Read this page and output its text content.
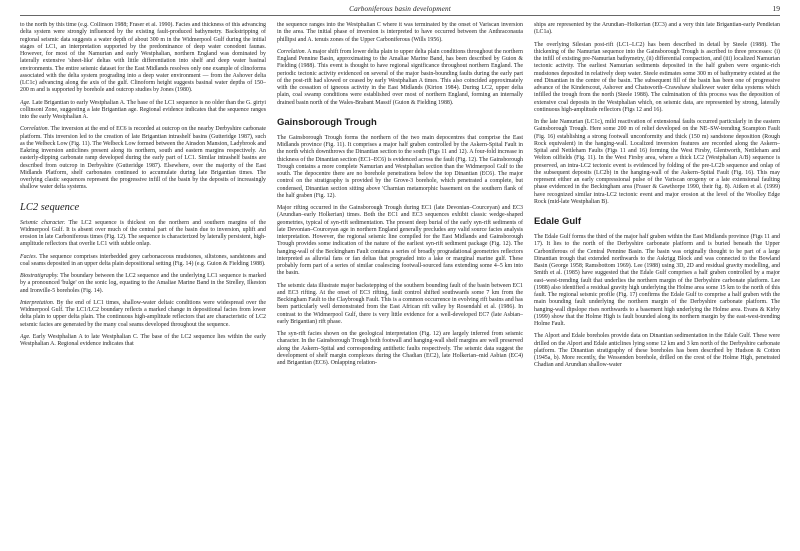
Carboniferous basin development	19

to the north by this time (e.g. Collinson 1988; Fraser et al. 1990). Facies and thickness of this advancing delta system were strongly influenced by the existing fault-produced bathymetry. Backstripping of regional seismic data suggests a water depth of about 300 m in the Widmerpool Gulf during the initial stages of LC1, an interpretation supported by the predominance of deep water conodont faunas. However, for most of the Namurian and early Westphalian, northern England was dominated by laterally extensive 'sheet-like' deltas with little differentiation into shelf and deep water basinal environments. The entire seismic dataset for the East Midlands resolves only one example of clinoforms associated with the delta system prograding into a deep water environment — from the Ashover delta (LC1c) advancing along the axis of the gulf. Clinoform height suggests basinal water depths of 150–200 m and is supported by borehole and outcrop studies by Jones (1980).

Age. Late Brigantian to early Westphalian A. The base of the LC1 sequence is no older than the G. girtyi collinsoni Zone, suggesting a late Brigantian age. Regional evidence indicates that the sequence ranges into the early Westphalian A.

Correlation. The inversion at the end of EC6 is recorded at outcrop on the nearby Derbyshire carbonate platform. This inversion led to the creation of late Brigantian intrashelf basins (Gutteridge 1987), such as the Welbeck Low (Fig. 11). The Welbeck Low formed between the Ainsdon Mansion, Ladybrook and Eakring inversion anticlines present along its northern, south and eastern margins respectively. An easterly-dipping carbonate ramp developed during the early part of LC1. Similar intrashelf basins are described from outcrop in Derbyshire (Gutteridge 1987). Elsewhere, over the majority of the East Midlands Platform, shelf carbonates continued to accumulate during late Brigantian times. The overlying clastic sequences represent the progressive infill of the basin by the deposits of increasingly shallow water delta systems.

LC2 sequence

Seismic character. The LC2 sequence is thickest on the northern and southern margins of the Widmerpool Gulf. It is absent over much of the central part of the basin due to inversion, uplift and erosion in late Carboniferous times (Fig. 12). The sequence is characterized by laterally persistent, high-amplitude reflectors that overlie LC1 with subtle onlap.

Facies. The sequence comprises interbedded grey carbonaceous mudstones, siltstones, sandstones and coal seams deposited in an upper delta plain depositional setting (Fig. 14) (e.g. Guion & Fielding 1988).

Biostratigraphy. The boundary between the LC2 sequence and the underlying LC1 sequence is marked by a pronounced 'bulge' on the sonic log, equating to the Amaliae Marine Band in the Strelley, Ilkeston and Ironville-5 boreholes (Fig. 14).

Interpretation. By the end of LC1 times, shallow-water deltaic conditions were widespread over the Widmerpool Gulf. The LC1/LC2 boundary reflects a marked change in depositional facies from lower delta plain to upper delta plain. The continuous high-amplitude reflectors that are characteristic of LC2 seismic facies are generated by the many coal seams developed throughout the sequence.

Age. Early Westphalian A to late Westphalian C. The base of the LC2 sequence lies within the early Westphalian A. Regional evidence indicates that

the sequence ranges into the Westphalian C where it was terminated by the onset of Variscan inversion in the area. The initial phase of inversion is interpreted to have occurred between the Anthraconauta phillipsi and A. tenuis zones of the Upper Carboniferous (Wills 1956).

Correlation. A major shift from lower delta plain to upper delta plain conditions throughout the northern England Pennine Basin, approximating to the Amaliae Marine Band, has been described by Guion & Fielding (1988). This event is thought to have regional significance throughout northern England. The periodic tectonic activity evidenced on several of the major basin-bounding faults during the early part of the post-rift had slowed or ceased by early Westphalian A times. This also coincided approximately with the cessation of igneous activity in the East Midlands (Kirton 1984). During LC2, upper delta plain, coal swamp conditions were established over most of northern England, forming an internally drained basin north of the Wales-Brabant Massif (Guion & Fielding 1988).

Gainsborough Trough

The Gainsborough Trough forms the northern of the two main depocentres that comprise the East Midlands province (Fig. 11). It comprises a major half graben controlled by the Askern-Spital Fault in the north which downthrows the Dinantian section to the south (Figs 11 and 12). A four-fold increase in thickness of the Dinantian section (EC1–EC6) is evidenced across the fault (Fig. 12). The Gainsborough Trough contains a more complete Namurian and Westphalian section than the Widmerpool Gulf to the south. The depocentre there are no borehole penetrations below the top Dinantian (EC6). The major control on the stratigraphy is provided by the Grove-3 borehole, which penetrated a complete, but condensed, Dinantian section sitting above 'Charnian metamorphic basement on the southern flank of the half graben (Fig. 12).

Major rifting occurred in the Gainsborough Trough during EC1 (late Devonian–Courceyan) and EC3 (Arundian–early Holkerian) times. Both the EC1 and EC3 sequences exhibit classic wedge-shaped geometries, typical of syn-rift sedimentation. The present deep burial of the early syn-rift sediments of late Devonian–Courceyan age in northern England generally precludes any valid source facies analysis interpretation. However, the regional seismic line compiled for the East Midlands and Gainsborough Trough provides some indication of the nature of the earliest syn-rift sediment package (Fig. 12). The hanging-wall of the Beckingham Fault contains a series of broadly progradational geometries reflectors interpreted as alluvial fans or fan deltas that prograded into a lake or marginal marine gulf. These probably form part of a series of similar coalescing footwall-sourced fans extending some 4–5 km into the basin.

The seismic data illustrate major backstepping of the southern bounding fault of the basin between EC1 and EC3 rifting. At the onset of EC3 rifting, fault control shifted southwards some 7 km from the Beckingham Fault to the Claybrough Fault. This is a common occurrence in evolving rift basins and has been particularly well demonstrated from the East African rift valley by Rosendahl et al. (1986). In contrast to the Widmerpool Gulf, there is very little evidence for a well-developed EC7 (late Asbian–early Brigantian) rift phase.

The syn-rift facies shown on the geological interpretation (Fig. 12) are largely inferred from seismic character. In the Gainsborough Trough both footwall and hanging-wall shelf margins are well preserved along the Askern–Spital and corresponding antithetic faults respectively. The seismic data suggest the development of shelf margin complexes during the Chadian (EC2), late Holkerian–mid Asbian (EC4) and Brigantian (EC6). Onlapping relation-

ships are represented by the Arundian–Holkerian (EC3) and a very thin late Brigantian-early Pendleian (LC1a).

The overlying Silesian post-rift (LC1–LC2) has been described in detail by Steele (1988). The thickening of the Namurian sequence into the Gainsborough Trough is ascribed to three processes: (i) the infill of existing pre-Namurian bathymetry, (ii) differential compaction, and (iii) localized Namurian tectonic activity. The earliest Namurian sediments deposited in the half graben were organic-rich mudstones deposited in relatively deep water. Steele estimates some 300 m of bathymetry existed at the end Dinantian in the centre of the basin. The subsequent fill of the basin has been one of progressive advance of the Kinderscout, Ashover and Chatsworth–Crawshaw shallower water delta systems which infilled the trough from the north (Steele 1988). The culmination of this process was the deposition of extensive coal deposits in the Westphalian which, on seismic data, are represented by strong, laterally continuous high-amplitude reflectors (Figs 12 and 16).

In the late Namurian (LC1c), mild reactivation of extensional faults occurred particularly in the eastern Gainsborough Trough. Here some 200 m of relief developed on the NE–SW-trending Scampton Fault (Fig. 16) establishing a strong footwall unconformity and thick (150 m) sandstone deposition (Rough Rock equivalent) in the hanging-wall. Localized inversion features are recorded along the Askern–Spital and Nettleham Faults (Figs 11 and 16) forming the West Firsby, Glentworth, Nettleham and Welton oilfields (Fig. 11). In the West Firsby area, where a thick LC2 (Westphalian A/B) sequence is preserved, an intra-LC2 tectonic event is evidenced by folding of the pre-LC2b sequence and onlap of the subsequent deposits (LC2b) in the hanging-wall of the Askern–Spital Fault (Fig. 16). This may represent either an early compressional pulse of the Variscan orogeny or a late extensional faulting phase evidenced in the Beckingham area (Fraser & Gawthorpe 1990, their fig. 8). Aitken et al. (1999) have recognized similar intra-LC2 tectonic event and major erosion at the level of the Woolley Edge Rock (mid-late Westphalian B).

Edale Gulf

The Edale Gulf forms the third of the major half graben within the East Midlands province (Figs 11 and 17). It lies to the north of the Derbyshire carbonate platform and is buried beneath the Upper Carboniferous of the Central Pennine Basin. The basin was originally thought to be part of a large Dinantian trough that extended northwards to the Askrigg Block and was connected to the Bowland Basin (George 1958; Ramsbottom 1969). Lee (1988) using 3D, 2D and residual gravity modelling, and Smith et al. (1985) have suggested that the Edale Gulf comprises a half graben controlled by a major east–west-trending fault that underlies the northern margin of the Derbyshire carbonate platform. Lee (1988) also identified a residual gravity high underlying the Holme area some 15 km to the north of this fault. The regional seismic profile (Fig. 17) confirms the Edale Gulf to comprise a half graben with the main bounding fault underlying the northern margin of the Derbyshire carbonate platform. The hanging-wall dipslope rises northwards to a basement high underlying the Holme area. Evans & Kirby (1999) show that the Holme High is fault bounded along its northern margin by the east-west-trending Holme Fault.

The Alport and Edale boreholes provide data on Dinantian sedimentation in the Edale Gulf. These were drilled on the Alport and Edale anticlines lying some 12 km and 3 km north of the Derbyshire carbonate platform. The Dinantian stratigraphy of these boreholes has been described by Hudson & Cotton (1945a, b). More recently, the Wessenden borehole, drilled on the crest of the Holme High, penetrated Chadian and Arundian shallow-water
